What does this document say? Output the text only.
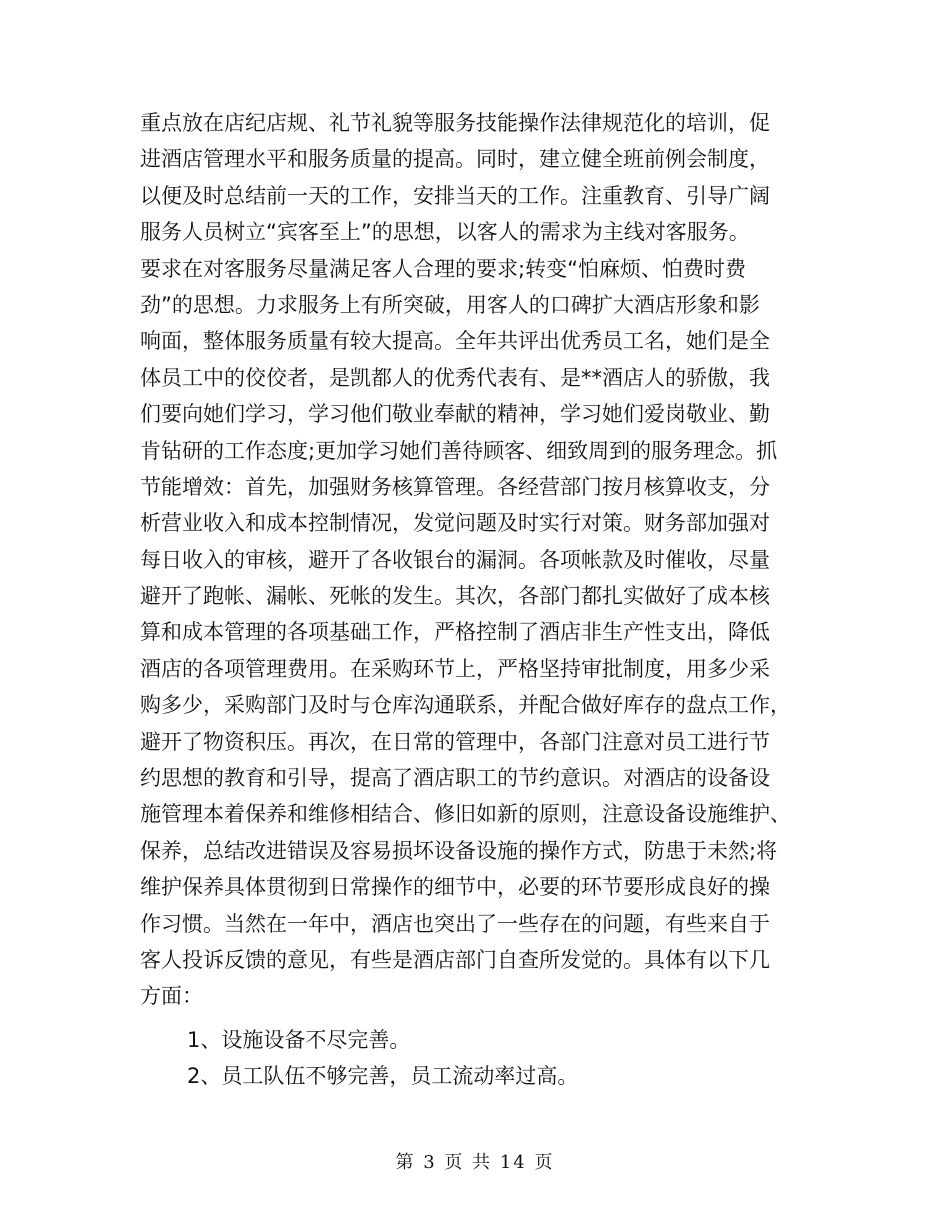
重点放在店纪店规、礼节礼貌等服务技能操作法律规范化的培训，促
进酒店管理水平和服务质量的提高。同时，建立健全班前例会制度，
以便及时总结前一天的工作，安排当天的工作。注重教育、引导广阔
服务人员树立“宾客至上”的思想，以客人的需求为主线对客服务。
要求在对客服务尽量满足客人合理的要求;转变“怕麻烦、怕费时费
劲”的思想。力求服务上有所突破，用客人的口碑扩大酒店形象和影
响面，整体服务质量有较大提高。全年共评出优秀员工名，她们是全
体员工中的佼佼者，是凯都人的优秀代表有、是**酒店人的骄傲，我
们要向她们学习，学习他们敬业奉献的精神，学习她们爱岗敬业、勤
肯钻研的工作态度;更加学习她们善待顾客、细致周到的服务理念。抓
节能增效：首先，加强财务核算管理。各经营部门按月核算收支，分
析营业收入和成本控制情况，发觉问题及时实行对策。财务部加强对
每日收入的审核，避开了各收银台的漏洞。各项帐款及时催收，尽量
避开了跑帐、漏帐、死帐的发生。其次，各部门都扎实做好了成本核
算和成本管理的各项基础工作，严格控制了酒店非生产性支出，降低
酒店的各项管理费用。在采购环节上，严格坚持审批制度，用多少采
购多少，采购部门及时与仓库沟通联系，并配合做好库存的盘点工作，
避开了物资积压。再次，在日常的管理中，各部门注意对员工进行节
约思想的教育和引导，提高了酒店职工的节约意识。对酒店的设备设
施管理本着保养和维修相结合、修旧如新的原则，注意设备设施维护、
保养，总结改进错误及容易损坏设备设施的操作方式，防患于未然;将
维护保养具体贯彻到日常操作的细节中，必要的环节要形成良好的操
作习惯。当然在一年中，酒店也突出了一些存在的问题，有些来自于
客人投诉反馈的意见，有些是酒店部门自查所发觉的。具体有以下几
方面：
1、设施设备不尽完善。
2、员工队伍不够完善，员工流动率过高。
第 3 页 共 14 页
